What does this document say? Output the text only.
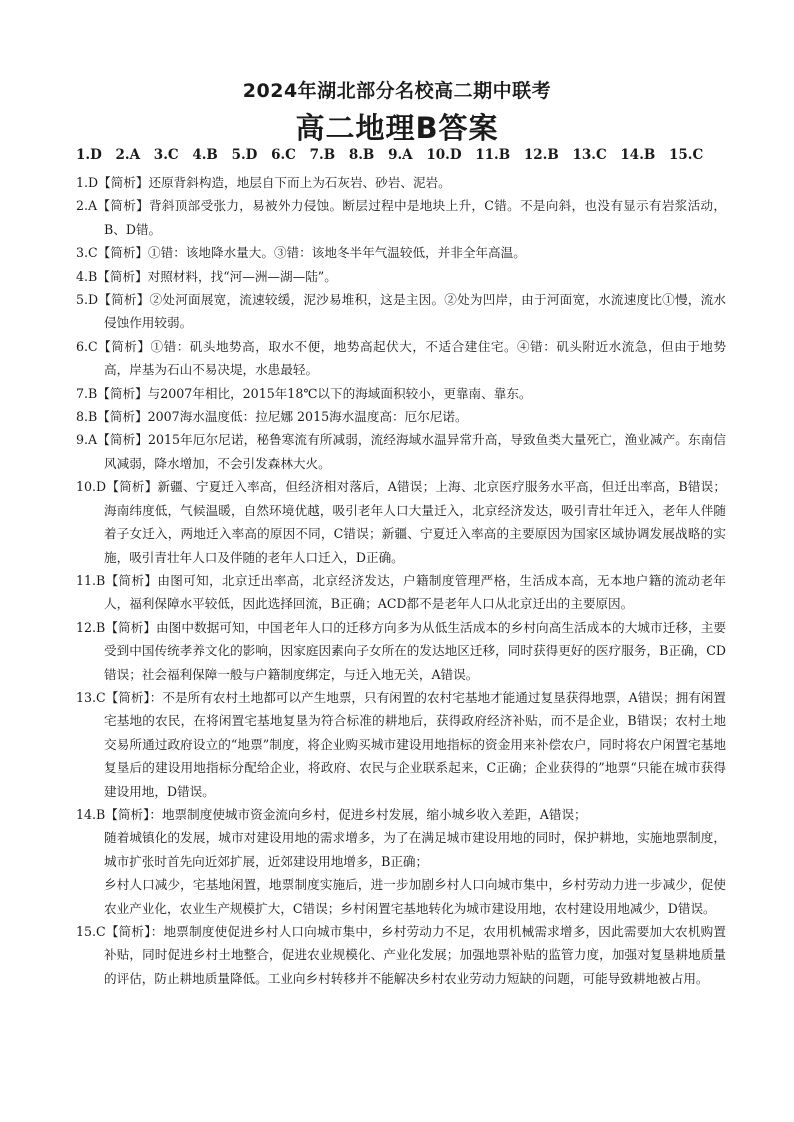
2024年湖北部分名校高二期中联考
高二地理B答案
1.D 2.A 3.C 4.B 5.D 6.C 7.B 8.B 9.A 10.D 11.B 12.B 13.C 14.B 15.C
1.D【简析】还原背斜构造，地层自下而上为石灰岩、砂岩、泥岩。
2.A【简析】背斜顶部受张力，易被外力侵蚀。断层过程中是地块上升，C错。不是向斜，也没有显示有岩浆活动，B、D错。
3.C【简析】①错：该地降水量大。③错：该地冬半年气温较低，并非全年高温。
4.B【简析】对照材料，找“河—洲—湖—陆”。
5.D【简析】②处河面展宽，流速较缓，泥沙易堆积，这是主因。②处为凹岸，由于河面宽，水流速度比①慢，流水侵蚀作用较弱。
6.C【简析】①错：矶头地势高，取水不便，地势高起伏大，不适合建住宅。④错：矶头附近水流急，但由于地势高，岸基为石山不易决堤，水患最轻。
7.B【简析】与2007年相比，2015年18℃以下的海域面积较小，更靠南、靠东。
8.B【简析】2007海水温度低：拉尼娜 2015海水温度高：厄尔尼诺。
9.A【简析】2015年厄尔尼诺，秘鲁寒流有所减弱，流经海域水温异常升高，导致鱼类大量死亡，渔业减产。东南信风减弱，降水增加，不会引发森林大火。
10.D【简析】新疆、宁夏迁入率高，但经济相对落后，A错误；上海、北京医疗服务水平高，但迁出率高，B错误；海南纬度低，气候温暖，自然环境优越，吸引老年人口大量迁入，北京经济发达，吸引青壮年迁入，老年人伴随着子女迁入，两地迁入率高的原因不同，C错误；新疆、宁夏迁入率高的主要原因为国家区域协调发展战略的实施，吸引青壮年人口及伴随的老年人口迁入，D正确。
11.B【简析】由图可知，北京迁出率高，北京经济发达，户籍制度管理严格，生活成本高，无本地户籍的流动老年人，福利保障水平较低，因此选择回流，B正确；ACD都不是老年人口从北京迁出的主要原因。
12.B【简析】由图中数据可知，中国老年人口的迁移方向多为从低生活成本的乡村向高生活成本的大城市迁移，主要受到中国传统孝养文化的影响，因家庭因素向子女所在的发达地区迁移，同时获得更好的医疗服务，B正确，CD错误；社会福利保障一般与户籍制度绑定，与迁入地无关，A错误。
13.C【简析】：不是所有农村土地都可以产生地票，只有闲置的农村宅基地才能通过复垦获得地票，A错误；拥有闲置宅基地的农民，在将闲置宅基地复垦为符合标准的耕地后，获得政府经济补贴，而不是企业，B错误；农村土地交易所通过政府设立的“地票”制度，将企业购买城市建设用地指标的资金用来补偿农户，同时将农户闲置宅基地复垦后的建设用地指标分配给企业，将政府、农民与企业联系起来，C正确；企业获得的”地票“只能在城市获得建设用地，D错误。
14.B【简析】：地票制度使城市资金流向乡村，促进乡村发展，缩小城乡收入差距，A错误；
随着城镇化的发展，城市对建设用地的需求增多，为了在满足城市建设用地的同时，保护耕地，实施地票制度，城市扩张时首先向近郊扩展，近郊建设用地增多，B正确；
乡村人口减少，宅基地闲置，地票制度实施后，进一步加剧乡村人口向城市集中，乡村劳动力进一步减少，促使农业产业化，农业生产规模扩大，C错误；乡村闲置宅基地转化为城市建设用地，农村建设用地减少，D错误。
15.C【简析】：地票制度使促进乡村人口向城市集中，乡村劳动力不足，农用机械需求增多，因此需要加大农机购置补贴，同时促进乡村土地整合，促进农业规模化、产业化发展；加强地票补贴的监管力度，加强对复垦耕地质量的评估，防止耕地质量降低。工业向乡村转移并不能解决乡村农业劳动力短缺的问题，可能导致耕地被占用。
